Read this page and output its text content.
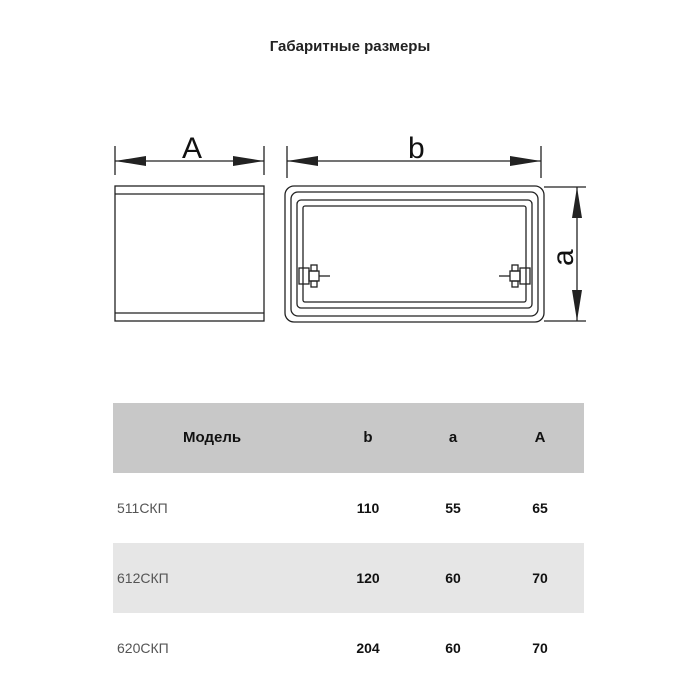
Габаритные размеры
A	b
a
Модель	b	a	A
511СКП	110	55	65
612СКП	120	60	70
620СКП	204	60	70
